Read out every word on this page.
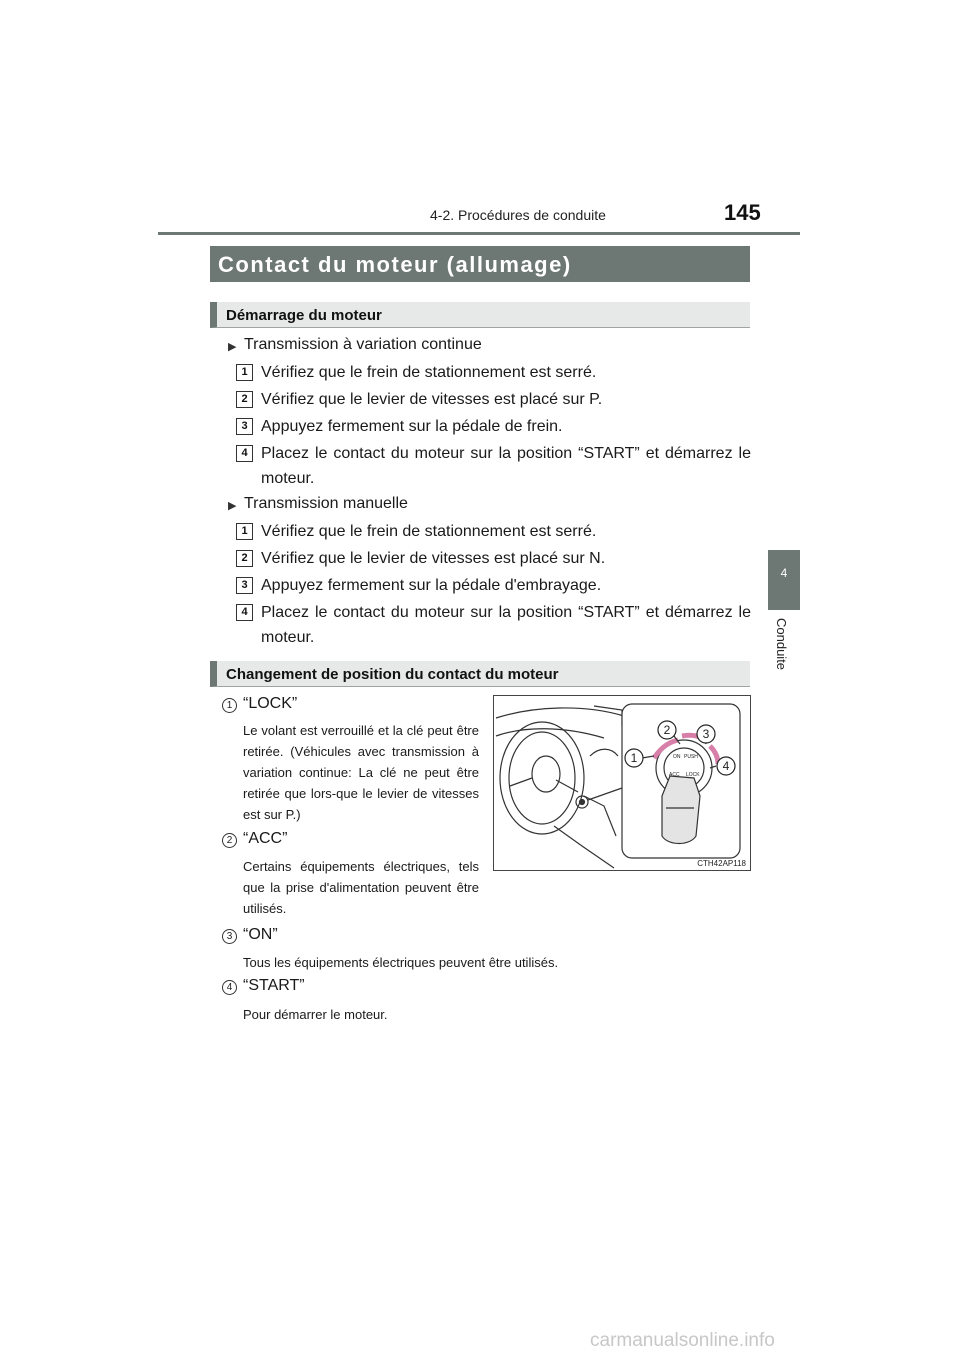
4-2. Procédures de conduite	145
4
Conduite
Contact du moteur (allumage)
Démarrage du moteur
▶ Transmission à variation continue
1 Vérifiez que le frein de stationnement est serré.
2 Vérifiez que le levier de vitesses est placé sur P.
3 Appuyez fermement sur la pédale de frein.
4 Placez le contact du moteur sur la position “START” et démarrez le moteur.
▶ Transmission manuelle
1 Vérifiez que le frein de stationnement est serré.
2 Vérifiez que le levier de vitesses est placé sur N.
3 Appuyez fermement sur la pédale d'embrayage.
4 Placez le contact du moteur sur la position “START” et démarrez le moteur.
Changement de position du contact du moteur
1 “LOCK”
Le volant est verrouillé et la clé peut être retirée. (Véhicules avec transmission à variation continue: La clé ne peut être retirée que lors-que le levier de vitesses est sur P.)
2 “ACC”
Certains équipements électriques, tels que la prise d'alimentation peuvent être utilisés.
3 “ON”
Tous les équipements électriques peuvent être utilisés.
4 “START”
Pour démarrer le moteur.
ON PUSH
ACC LOCK
1
2	3
4
CTH42AP118
carmanualsonline.info
